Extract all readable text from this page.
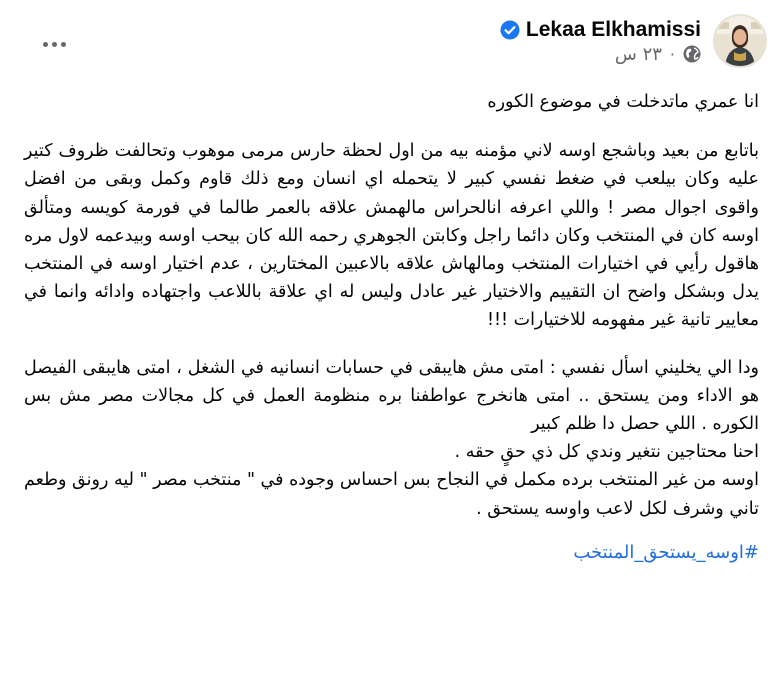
Lekaa Elkhamissi
٢٣ س ·

انا عمري ماتدخلت في موضوع الكوره

باتابع من بعيد وباشجع اوسه لاني مؤمنه بيه من اول لحظة حارس مرمى موهوب وتحالفت ظروف كتير عليه وكان بيلعب في ضغط نفسي كبير لا يتحمله اي انسان ومع ذلك قاوم وكمل وبقى من افضل واقوى اجوال مصر ! واللي اعرفه انالحراس مالهمش علاقه بالعمر طالما في فورمة كويسه ومتألق اوسه كان في المنتخب وكان دائما راجل وكابتن الجوهري رحمه الله كان بيحب اوسه وبيدعمه لاول مره هاقول رأيي في اختيارات المنتخب ومالهاش علاقه بالاعبين المختارين ، عدم اختيار اوسه في المنتخب يدل وبشكل واضح ان التقييم والاختيار غير عادل وليس له اي علاقة باللاعب واجتهاده وادائه وانما في معايير تانية غير مفهومه للاختيارات !!!

ودا الي يخليني اسأل نفسي : امتى مش هايبقى في حسابات انسانيه في الشغل ، امتى هايبقى الفيصل هو الاداء ومن يستحق .. امتى هانخرج عواطفنا بره منظومة العمل في كل مجالات مصر مش بس الكوره . اللي حصل دا ظلم كبير

احنا محتاجين نتغير وندي كل ذي حقٍ حقه .

اوسه من غير المنتخب برده مكمل في النجاح بس احساس وجوده في " منتخب مصر " ليه رونق وطعم تاني وشرف لكل لاعب واوسه يستحق .

#اوسه_يستحق_المنتخب
